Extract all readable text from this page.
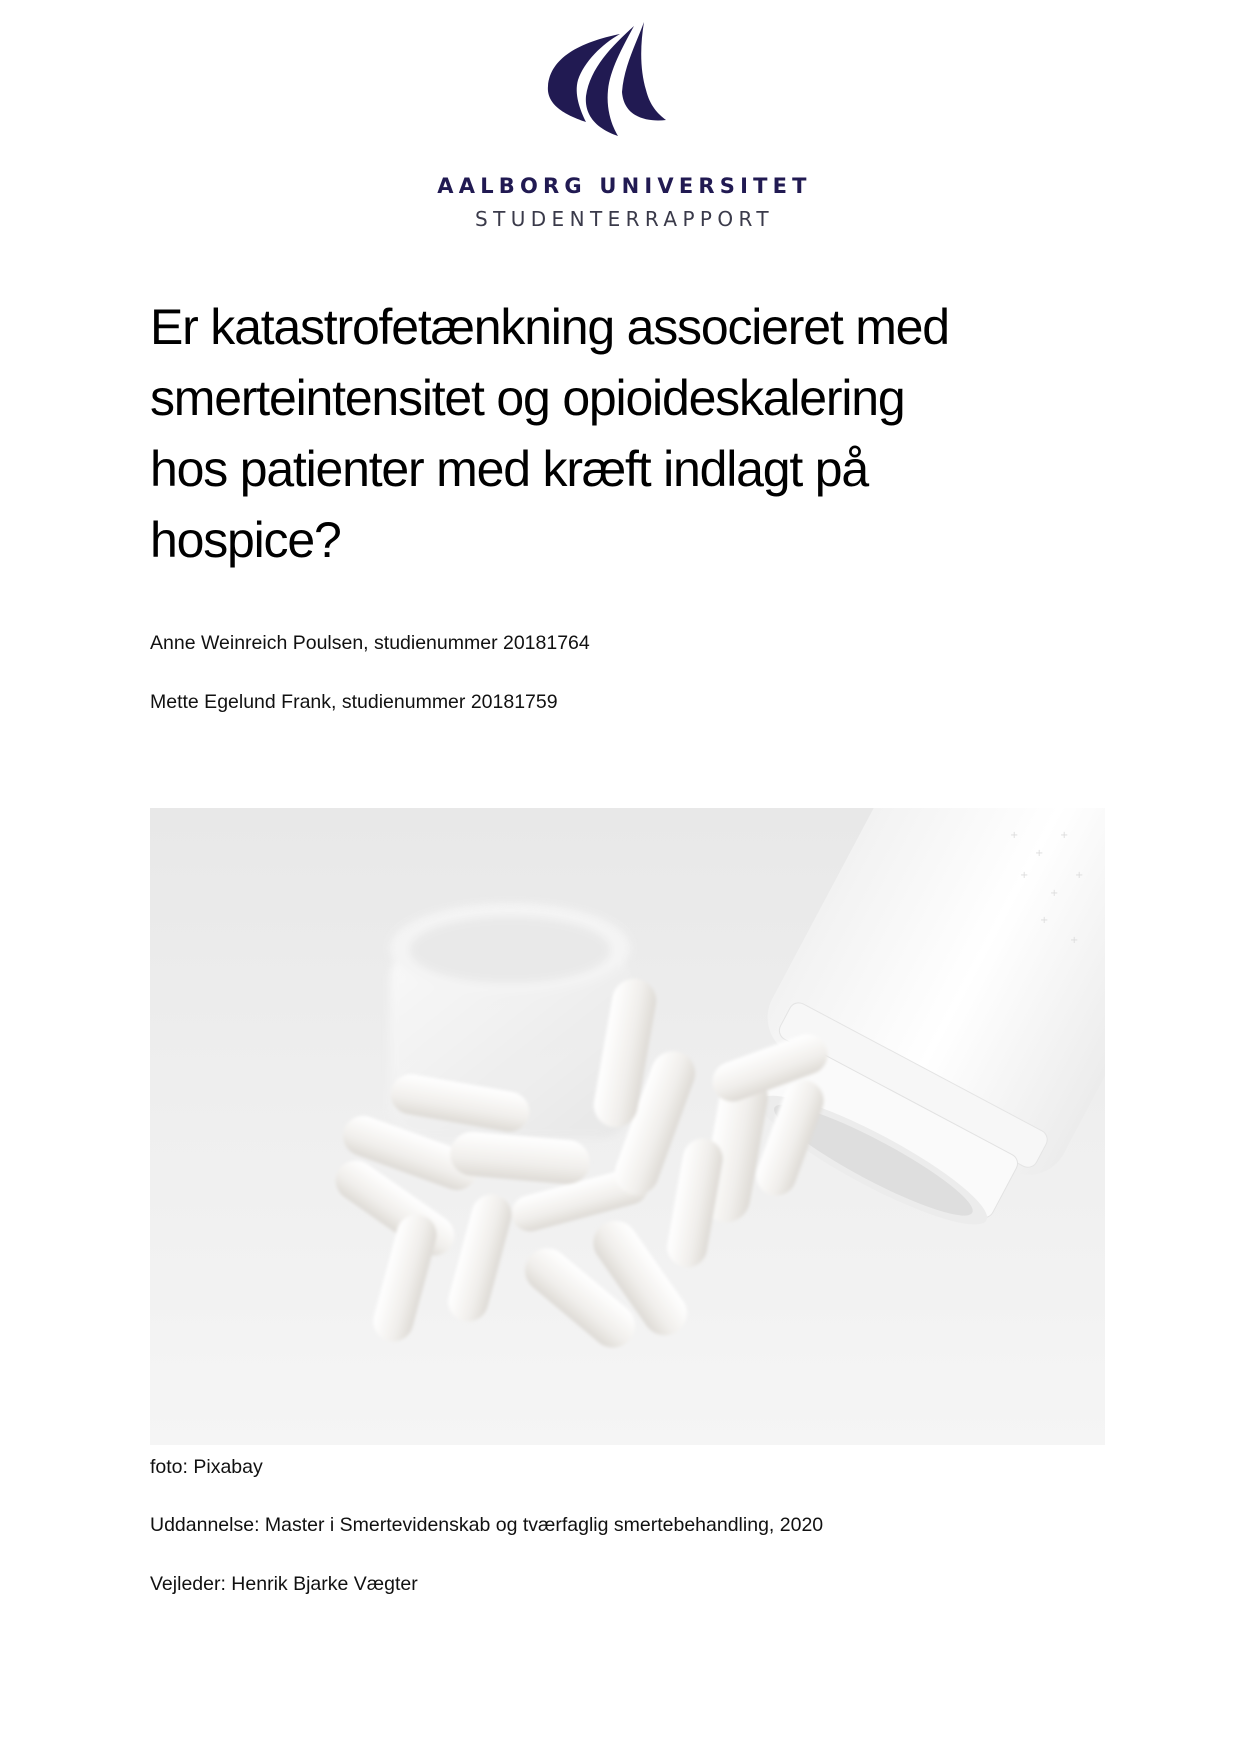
AALBORG UNIVERSITET
STUDENTERRAPPORT
Er katastrofetænkning associeret med
smerteintensitet og opioideskalering
hos patienter med kræft indlagt på
hospice?
Anne Weinreich Poulsen, studienummer 20181764
Mette Egelund Frank, studienummer 20181759
+
+
+
+
+
+
+
+
foto: Pixabay
Uddannelse: Master i Smertevidenskab og tværfaglig smertebehandling, 2020
Vejleder: Henrik Bjarke Vægter
